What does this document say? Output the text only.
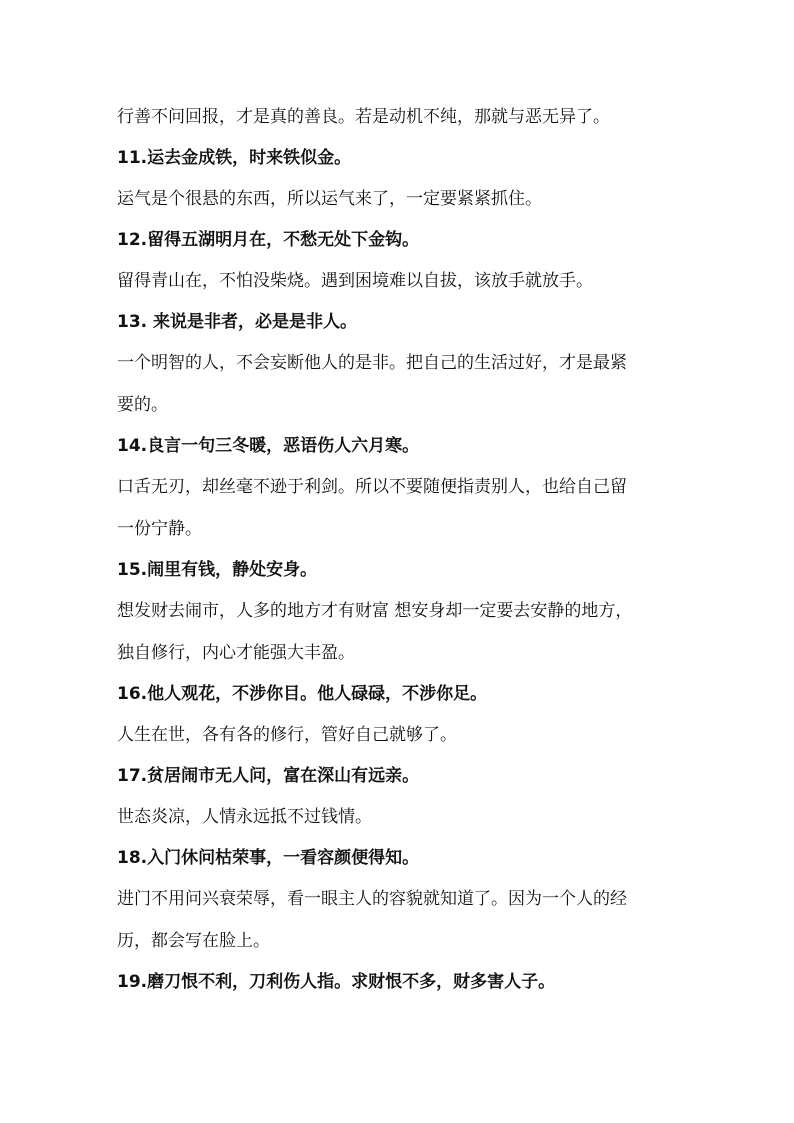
行善不问回报，才是真的善良。若是动机不纯，那就与恶无异了。

11.运去金成铁，时来铁似金。

运气是个很悬的东西，所以运气来了，一定要紧紧抓住。

12.留得五湖明月在，不愁无处下金钩。

留得青山在，不怕没柴烧。遇到困境难以自拔，该放手就放手。

13. 来说是非者，必是是非人。

一个明智的人，不会妄断他人的是非。把自己的生活过好，才是最紧
要的。

14.良言一句三冬暖，恶语伤人六月寒。

口舌无刃，却丝毫不逊于利剑。所以不要随便指责别人，也给自己留
一份宁静。

15.闹里有钱，静处安身。

想发财去闹市，人多的地方才有财富 想安身却一定要去安静的地方，
独自修行，内心才能强大丰盈。

16.他人观花，不涉你目。他人碌碌，不涉你足。

人生在世，各有各的修行，管好自己就够了。

17.贫居闹市无人问，富在深山有远亲。

世态炎凉，人情永远抵不过钱情。

18.入门休问枯荣事，一看容颜便得知。

进门不用问兴衰荣辱，看一眼主人的容貌就知道了。因为一个人的经
历，都会写在脸上。

19.磨刀恨不利，刀利伤人指。求财恨不多，财多害人子。
